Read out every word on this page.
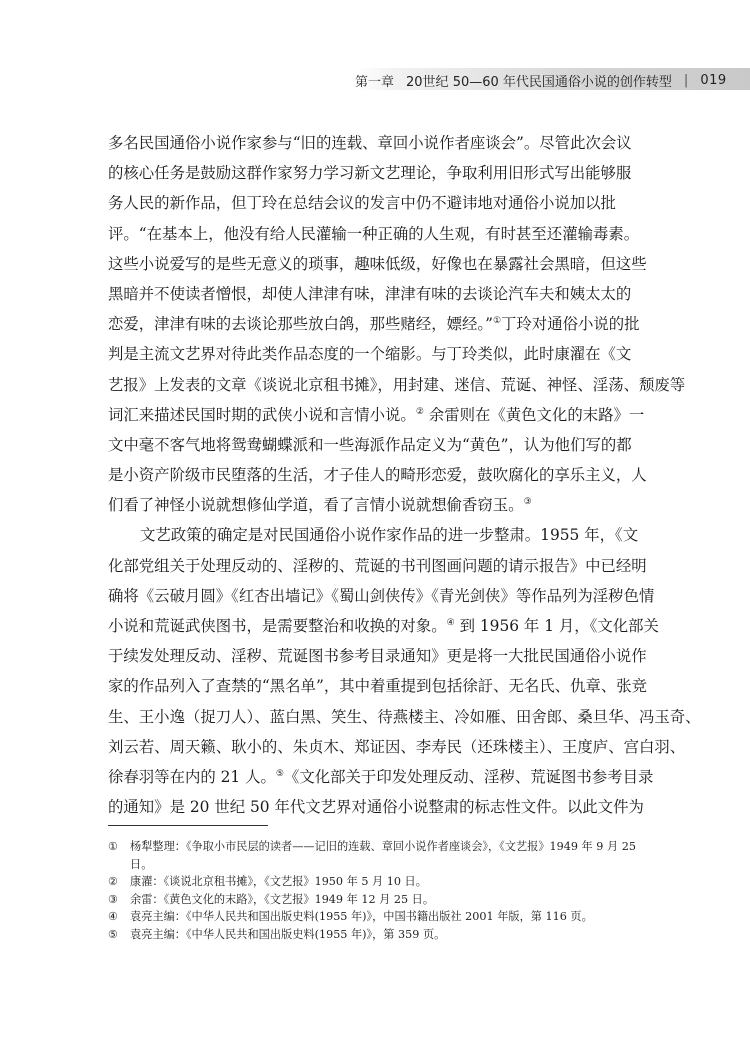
第一章 20世纪 50—60 年代民国通俗小说的创作转型 | 019
多名民国通俗小说作家参与“旧的连载、章回小说作者座谈会”。尽管此次会议
的核心任务是鼓励这群作家努力学习新文艺理论，争取利用旧形式写出能够服
务人民的新作品，但丁玲在总结会议的发言中仍不避讳地对通俗小说加以批
评。“在基本上，他没有给人民灌输一种正确的人生观，有时甚至还灌输毒素。
这些小说爱写的是些无意义的琐事，趣味低级，好像也在暴露社会黑暗，但这些
黑暗并不使读者憎恨，却使人津津有味，津津有味的去谈论汽车夫和姨太太的
恋爱，津津有味的去谈论那些放白鸽，那些赌经，嫖经。”①丁玲对通俗小说的批
判是主流文艺界对待此类作品态度的一个缩影。与丁玲类似，此时康濯在《文
艺报》上发表的文章《谈说北京租书摊》，用封建、迷信、荒诞、神怪、淫荡、颓废等
词汇来描述民国时期的武侠小说和言情小说。② 余雷则在《黄色文化的末路》一
文中毫不客气地将鸳鸯蝴蝶派和一些海派作品定义为“黄色”，认为他们写的都
是小资产阶级市民堕落的生活，才子佳人的畸形恋爱，鼓吹腐化的享乐主义，人
们看了神怪小说就想修仙学道，看了言情小说就想偷香窃玉。③
文艺政策的确定是对民国通俗小说作家作品的进一步整肃。1955 年，《文
化部党组关于处理反动的、淫秽的、荒诞的书刊图画问题的请示报告》中已经明
确将《云破月圆》《红杏出墙记》《蜀山剑侠传》《青光剑侠》等作品列为淫秽色情
小说和荒诞武侠图书，是需要整治和收换的对象。④ 到 1956 年 1 月，《文化部关
于续发处理反动、淫秽、荒诞图书参考目录通知》更是将一大批民国通俗小说作
家的作品列入了查禁的“黑名单”，其中着重提到包括徐訏、无名氏、仇章、张竞
生、王小逸（捉刀人）、蓝白黑、笑生、待燕楼主、冷如雁、田舍郎、桑旦华、冯玉奇、
刘云若、周天籁、耿小的、朱贞木、郑证因、李寿民（还珠楼主）、王度庐、宫白羽、
徐春羽等在内的 21 人。⑤《文化部关于印发处理反动、淫秽、荒诞图书参考目录
的通知》是 20 世纪 50 年代文艺界对通俗小说整肃的标志性文件。以此文件为
①	杨犁整理：《争取小市民层的读者——记旧的连载、章回小说作者座谈会》，《文艺报》1949 年 9 月 25
日。
②	康濯：《谈说北京租书摊》，《文艺报》1950 年 5 月 10 日。
③	余雷：《黄色文化的末路》，《文艺报》1949 年 12 月 25 日。
④	袁亮主编：《中华人民共和国出版史料(1955 年)》，中国书籍出版社 2001 年版，第 116 页。
⑤	袁亮主编：《中华人民共和国出版史料(1955 年)》，第 359 页。
